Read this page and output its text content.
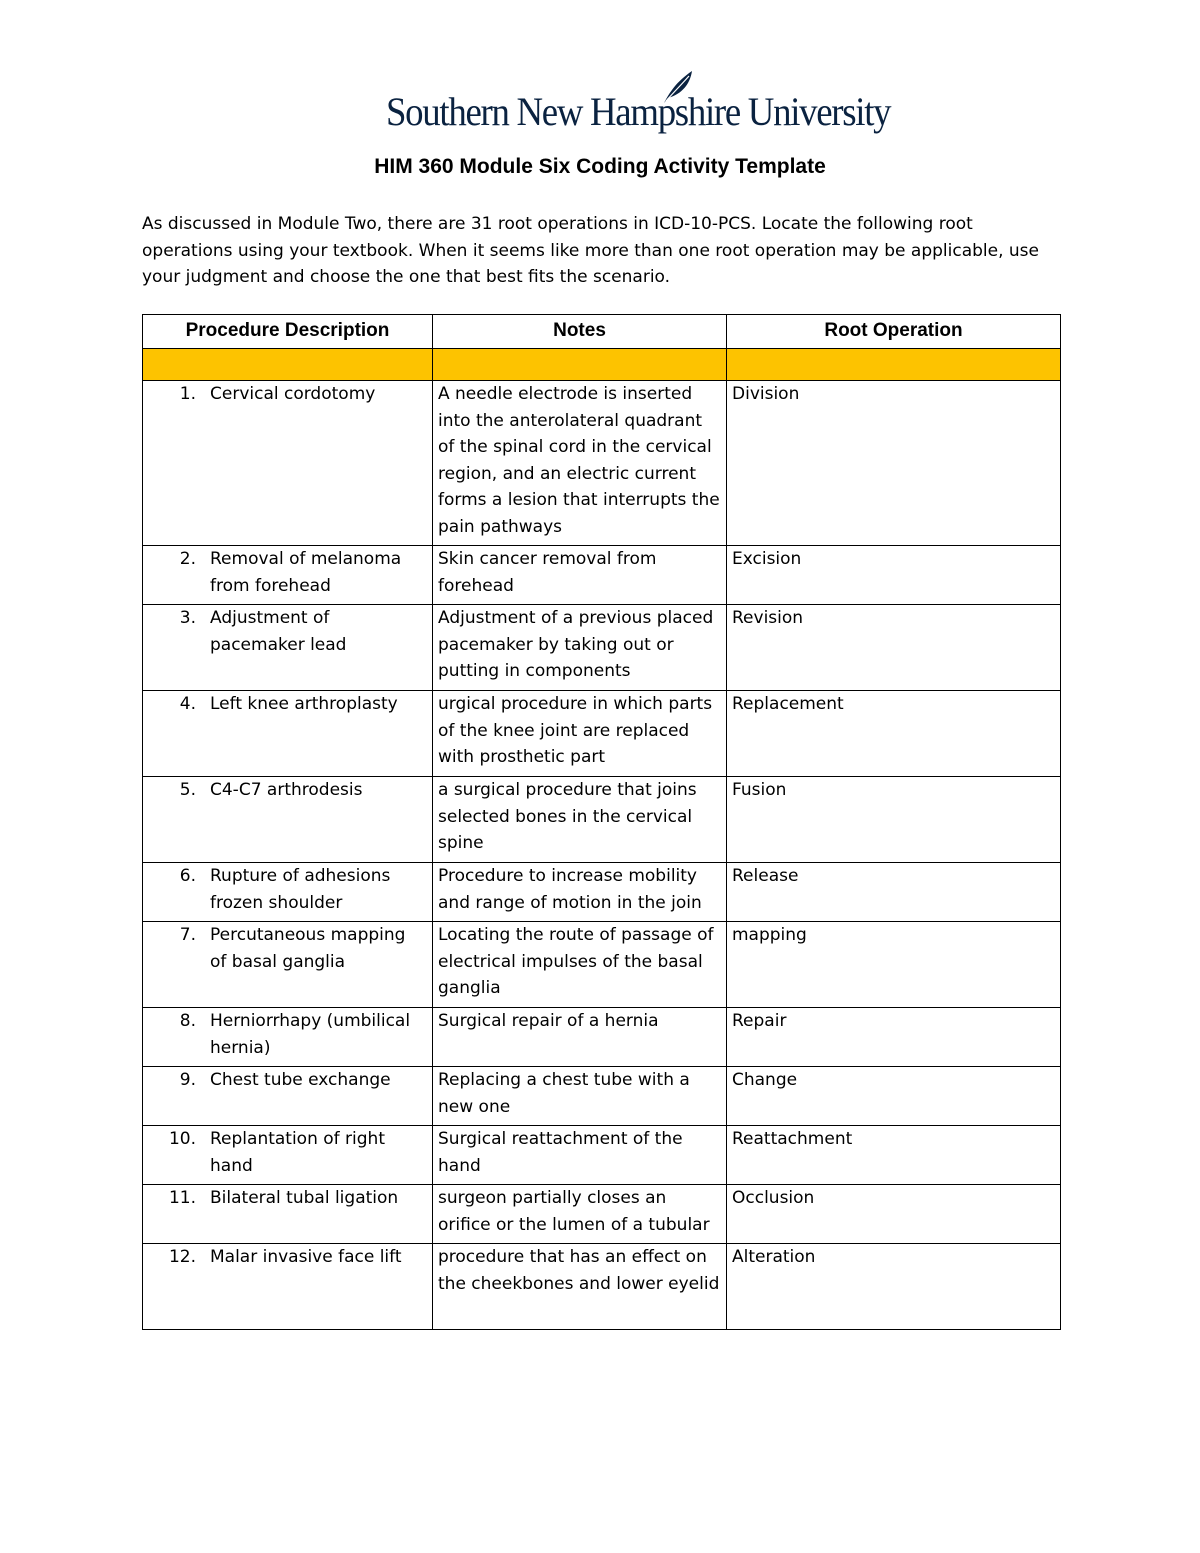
Southern New Hampshire University
HIM 360 Module Six Coding Activity Template

As discussed in Module Two, there are 31 root operations in ICD-10-PCS. Locate the following root operations using your textbook. When it seems like more than one root operation may be applicable, use your judgment and choose the one that best fits the scenario.

Procedure Description	Notes	Root Operation

1. Cervical cordotomy	A needle electrode is inserted into the anterolateral quadrant of the spinal cord in the cervical region, and an electric current forms a lesion that interrupts the pain pathways	Division

2. Removal of melanoma from forehead	Skin cancer removal from forehead	Excision

3. Adjustment of pacemaker lead	Adjustment of a previous placed pacemaker by taking out or putting in components	Revision

4. Left knee arthroplasty	urgical procedure in which parts of the knee joint are replaced with prosthetic part	Replacement

5. C4-C7 arthrodesis	a surgical procedure that joins selected bones in the cervical spine	Fusion

6. Rupture of adhesions frozen shoulder	Procedure to increase mobility and range of motion in the join	Release

7. Percutaneous mapping of basal ganglia	Locating the route of passage of electrical impulses of the basal ganglia	mapping

8. Herniorrhapy (umbilical hernia)	Surgical repair of a hernia	Repair

9. Chest tube exchange	Replacing a chest tube with a new one	Change

10. Replantation of right hand	Surgical reattachment of the hand	Reattachment

11. Bilateral tubal ligation	surgeon partially closes an orifice or the lumen of a tubular	Occlusion

12. Malar invasive face lift	procedure that has an effect on the cheekbones and lower eyelid	Alteration
